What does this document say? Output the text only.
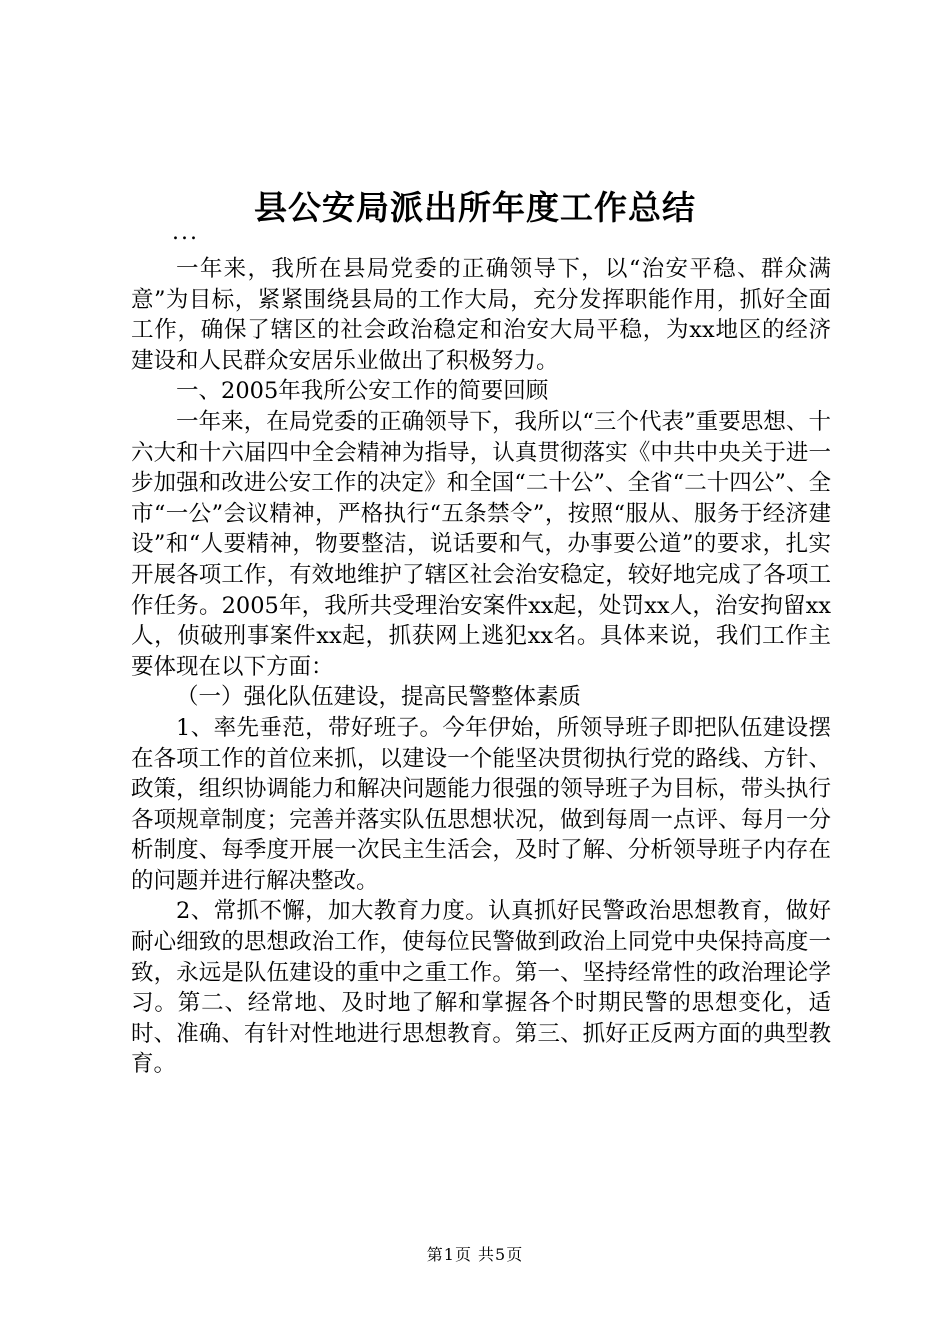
县公安局派出所年度工作总结
...

一年来，我所在县局党委的正确领导下，以“治安平稳、群众满意”为目标，紧紧围绕县局的工作大局，充分发挥职能作用，抓好全面工作，确保了辖区的社会政治稳定和治安大局平稳，为xx地区的经济建设和人民群众安居乐业做出了积极努力。

一、2005年我所公安工作的简要回顾

一年来，在局党委的正确领导下，我所以“三个代表”重要思想、十六大和十六届四中全会精神为指导，认真贯彻落实《中共中央关于进一步加强和改进公安工作的决定》和全国“二十公”、全省“二十四公”、全市“一公”会议精神，严格执行“五条禁令”，按照“服从、服务于经济建设”和“人要精神，物要整洁，说话要和气，办事要公道”的要求，扎实开展各项工作，有效地维护了辖区社会治安稳定，较好地完成了各项工作任务。2005年，我所共受理治安案件xx起，处罚xx人，治安拘留xx人，侦破刑事案件xx起，抓获网上逃犯xx名。具体来说，我们工作主要体现在以下方面：

（一）强化队伍建设，提高民警整体素质

1、率先垂范，带好班子。今年伊始，所领导班子即把队伍建设摆在各项工作的首位来抓，以建设一个能坚决贯彻执行党的路线、方针、政策，组织协调能力和解决问题能力很强的领导班子为目标，带头执行各项规章制度；完善并落实队伍思想状况，做到每周一点评、每月一分析制度、每季度开展一次民主生活会，及时了解、分析领导班子内存在的问题并进行解决整改。

2、常抓不懈，加大教育力度。认真抓好民警政治思想教育，做好耐心细致的思想政治工作，使每位民警做到政治上同党中央保持高度一致，永远是队伍建设的重中之重工作。第一、坚持经常性的政治理论学习。第二、经常地、及时地了解和掌握各个时期民警的思想变化，适时、准确、有针对性地进行思想教育。第三、抓好正反两方面的典型教育。

第1页 共5页
